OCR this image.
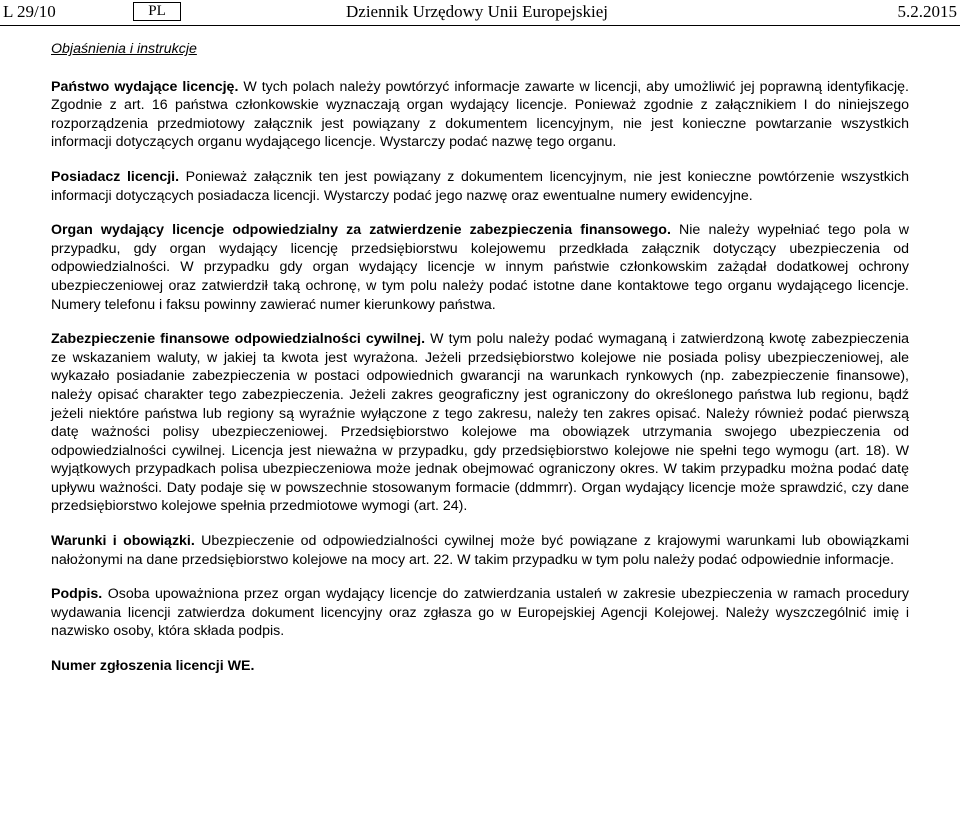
L 29/10	PL	Dziennik Urzędowy Unii Europejskiej	5.2.2015
Objaśnienia i instrukcje

Państwo wydające licencję. W tych polach należy powtórzyć informacje zawarte w licencji, aby umożliwić jej poprawną identyfikację. Zgodnie z art. 16 państwa członkowskie wyznaczają organ wydający licencje. Ponieważ zgodnie z załącznikiem I do niniejszego rozporządzenia przedmiotowy załącznik jest powiązany z dokumentem licencyjnym, nie jest konieczne powtarzanie wszystkich informacji dotyczących organu wydającego licencje. Wystarczy podać nazwę tego organu.

Posiadacz licencji. Ponieważ załącznik ten jest powiązany z dokumentem licencyjnym, nie jest konieczne powtórzenie wszystkich informacji dotyczących posiadacza licencji. Wystarczy podać jego nazwę oraz ewentualne numery ewidencyjne.

Organ wydający licencje odpowiedzialny za zatwierdzenie zabezpieczenia finansowego. Nie należy wypełniać tego pola w przypadku, gdy organ wydający licencję przedsiębiorstwu kolejowemu przedkłada załącznik dotyczący ubezpieczenia od odpowiedzialności. W przypadku gdy organ wydający licencje w innym państwie członkowskim zażądał dodatkowej ochrony ubezpieczeniowej oraz zatwierdził taką ochronę, w tym polu należy podać istotne dane kontaktowe tego organu wydającego licencje. Numery telefonu i faksu powinny zawierać numer kierunkowy państwa.

Zabezpieczenie finansowe odpowiedzialności cywilnej. W tym polu należy podać wymaganą i zatwierdzoną kwotę zabezpieczenia ze wskazaniem waluty, w jakiej ta kwota jest wyrażona. Jeżeli przedsiębiorstwo kolejowe nie posiada polisy ubezpieczeniowej, ale wykazało posiadanie zabezpieczenia w postaci odpowiednich gwarancji na warunkach rynkowych (np. zabezpieczenie finansowe), należy opisać charakter tego zabezpieczenia. Jeżeli zakres geograficzny jest ograniczony do określonego państwa lub regionu, bądź jeżeli niektóre państwa lub regiony są wyraźnie wyłączone z tego zakresu, należy ten zakres opisać. Należy również podać pierwszą datę ważności polisy ubezpieczeniowej. Przedsiębiorstwo kolejowe ma obowiązek utrzymania swojego ubezpieczenia od odpowiedzialności cywilnej. Licencja jest nieważna w przypadku, gdy przedsiębiorstwo kolejowe nie spełni tego wymogu (art. 18). W wyjątkowych przypadkach polisa ubezpieczeniowa może jednak obejmować ograniczony okres. W takim przypadku można podać datę upływu ważności. Daty podaje się w powszechnie stosowanym formacie (ddmmrr). Organ wydający licencje może sprawdzić, czy dane przedsiębiorstwo kolejowe spełnia przedmiotowe wymogi (art. 24).

Warunki i obowiązki. Ubezpieczenie od odpowiedzialności cywilnej może być powiązane z krajowymi warunkami lub obowiązkami nałożonymi na dane przedsiębiorstwo kolejowe na mocy art. 22. W takim przypadku w tym polu należy podać odpowiednie informacje.

Podpis. Osoba upoważniona przez organ wydający licencje do zatwierdzania ustaleń w zakresie ubezpieczenia w ramach procedury wydawania licencji zatwierdza dokument licencyjny oraz zgłasza go w Europejskiej Agencji Kolejowej. Należy wyszczególnić imię i nazwisko osoby, która składa podpis.

Numer zgłoszenia licencji WE.
